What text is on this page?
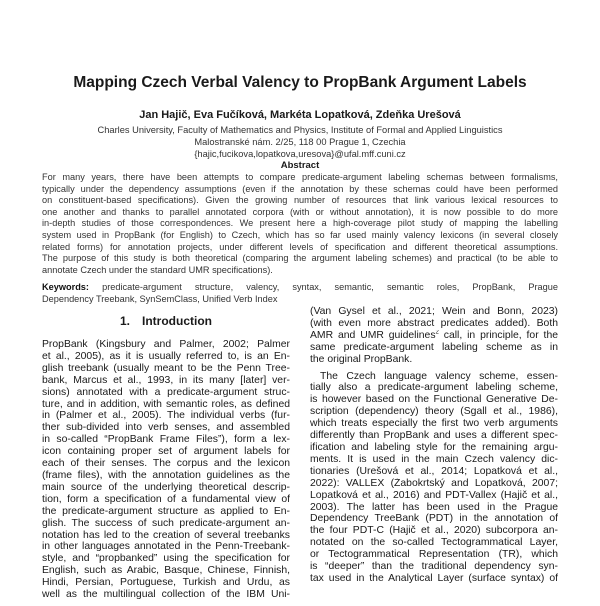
Mapping Czech Verbal Valency to PropBank Argument Labels
Jan Hajič, Eva Fučíková, Markéta Lopatková, Zdeňka Urešová
Charles University, Faculty of Mathematics and Physics, Institute of Formal and Applied Linguistics
Malostranské nám. 2/25, 118 00 Prague 1, Czechia
{hajic,fucikova,lopatkova,uresova}@ufal.mff.cuni.cz
Abstract
For many years, there have been attempts to compare predicate-argument labeling schemas between formalisms,
typically under the dependency assumptions (even if the annotation by these schemas could have been performed
on constituent-based specifications). Given the growing number of resources that link various lexical resources to
one another and thanks to parallel annotated corpora (with or without annotation), it is now possible to do more
in-depth studies of those correspondences. We present here a high-coverage pilot study of mapping the labelling
system used in PropBank (for English) to Czech, which has so far used mainly valency lexicons (in several closely
related forms) for annotation projects, under different levels of specification and different theoretical assumptions.
The purpose of this study is both theoretical (comparing the argument labeling schemes) and practical (to be able to
annotate Czech under the standard UMR specifications).
Keywords: predicate-argument structure, valency, syntax, semantic, semantic roles, PropBank, Prague
Dependency Treebank, SynSemClass, Unified Verb Index
1. Introduction
PropBank (Kingsbury and Palmer, 2002; Palmer
et al., 2005), as it is usually referred to, is an En-
glish treebank (usually meant to be the Penn Tree-
bank, Marcus et al., 1993, in its many [later] ver-
sions) annotated with a predicate-argument struc-
ture, and in addition, with semantic roles, as defined
in (Palmer et al., 2005). The individual verbs (fur-
ther sub-divided into verb senses, and assembled
in so-called “PropBank Frame Files”), form a lex-
icon containing proper set of argument labels for
each of their senses. The corpus and the lexicon
(frame files), with the annotation guidelines as the
main source of the underlying theoretical descrip-
tion, form a specification of a fundamental view of
the predicate-argument structure as applied to En-
glish. The success of such predicate-argument an-
notation has led to the creation of several treebanks
in other languages annotated in the Penn-Treebank-
style, and “propbanked” using the specification for
English, such as Arabic, Basque, Chinese, Finnish,
Hindi, Persian, Portuguese, Turkish and Urdu, as
well as the multilingual collection of the IBM Uni-
(Van Gysel et al., 2021; Wein and Bonn, 2023)
(with even more abstract predicates added). Both
AMR and UMR guidelines$^2$ call, in principle, for the
same predicate-argument labeling scheme as in
the original PropBank.
The Czech language valency scheme, essen-
tially also a predicate-argument labeling scheme,
is however based on the Functional Generative De-
scription (dependency) theory (Sgall et al., 1986),
which treats especially the first two verb arguments
differently than PropBank and uses a different spec-
ification and labeling style for the remaining argu-
ments. It is used in the main Czech valency dic-
tionaries (Urešová et al., 2014; Lopatková et al.,
2022): VALLEX (Žabokrtský and Lopatková, 2007;
Lopatková et al., 2016) and PDT-Vallex (Hajič et al.,
2003). The latter has been used in the Prague
Dependency TreeBank (PDT) in the annotation of
the four PDT-C (Hajič et al., 2020) subcorpora an-
notated on the so-called Tectogrammatical Layer,
or Tectogrammatical Representation (TR), which
is “deeper” than the traditional dependency syn-
tax used in the Analytical Layer (surface syntax) of
